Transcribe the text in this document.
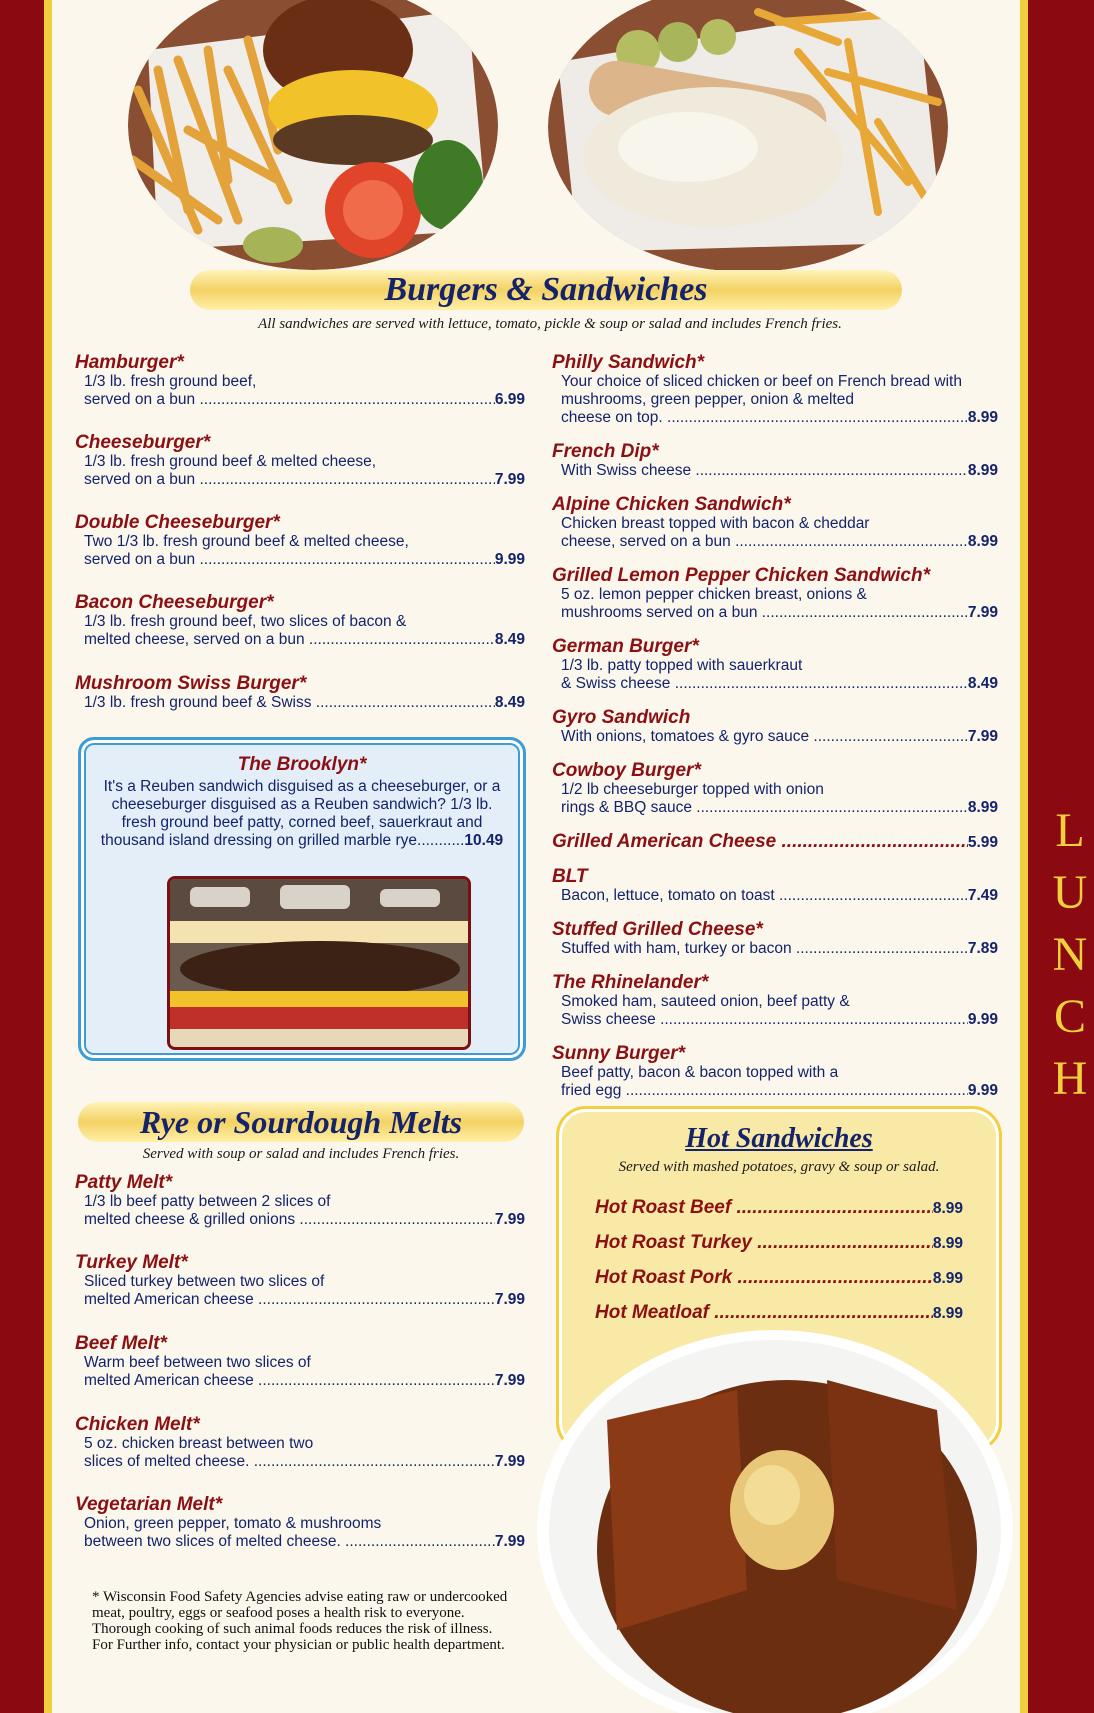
L
U
N
C
H
Burgers & Sandwiches
All sandwiches are served with lettuce, tomato, pickle & soup or salad and includes French fries.
Hamburger*
1/3 lb. fresh ground beef,
served on a bun .....	6.99
Cheeseburger*
1/3 lb. fresh ground beef & melted cheese,
served on a bun .....	7.99
Double Cheeseburger*
Two 1/3 lb. fresh ground beef & melted cheese,
served on a bun .....	9.99
Bacon Cheeseburger*
1/3 lb. fresh ground beef, two slices of bacon &
melted cheese, served on a bun .....	8.49
Mushroom Swiss Burger*
1/3 lb. fresh ground beef & Swiss .....	8.49
The Brooklyn*
It's a Reuben sandwich disguised as a cheeseburger, or a cheeseburger disguised as a Reuben sandwich? 1/3 lb. fresh ground beef patty, corned beef, sauerkraut and thousand island dressing on grilled marble rye...........10.49
Philly Sandwich*
Your choice of sliced chicken or beef on French bread with mushrooms, green pepper, onion & melted
cheese on top. .....	8.99
French Dip*
With Swiss cheese .....	8.99
Alpine Chicken Sandwich*
Chicken breast topped with bacon & cheddar
cheese, served on a bun .....	8.99
Grilled Lemon Pepper Chicken Sandwich*
5 oz. lemon pepper chicken breast, onions &
mushrooms served on a bun .....	7.99
German Burger*
1/3 lb. patty topped with sauerkraut
& Swiss cheese .....	8.49
Gyro Sandwich
With onions, tomatoes & gyro sauce .....	7.99
Cowboy Burger*
1/2 lb cheeseburger topped with onion
rings & BBQ sauce .....	8.99
Grilled American Cheese .....	5.99
BLT
Bacon, lettuce, tomato on toast .....	7.49
Stuffed Grilled Cheese*
Stuffed with ham, turkey or bacon .....	7.89
The Rhinelander*
Smoked ham, sauteed onion, beef patty &
Swiss cheese .....	9.99
Sunny Burger*
Beef patty, bacon & bacon topped with a
fried egg .....	9.99
Rye or Sourdough Melts
Served with soup or salad and includes French fries.
Patty Melt*
1/3 lb beef patty between 2 slices of
melted cheese & grilled onions .....	7.99
Turkey Melt*
Sliced turkey between two slices of
melted American cheese .....	7.99
Beef Melt*
Warm beef between two slices of
melted American cheese .....	7.99
Chicken Melt*
5 oz. chicken breast between two
slices of melted cheese. .....	7.99
Vegetarian Melt*
Onion, green pepper, tomato & mushrooms
between two slices of melted cheese. .....	7.99
* Wisconsin Food Safety Agencies advise eating raw or undercooked meat, poultry, eggs or seafood poses a health risk to everyone. Thorough cooking of such animal foods reduces the risk of illness. For Further info, contact your physician or public health department.
Hot Sandwiches
Served with mashed potatoes, gravy & soup or salad.
Hot Roast Beef .....	8.99
Hot Roast Turkey .....	8.99
Hot Roast Pork .....	8.99
Hot Meatloaf .....	8.99
